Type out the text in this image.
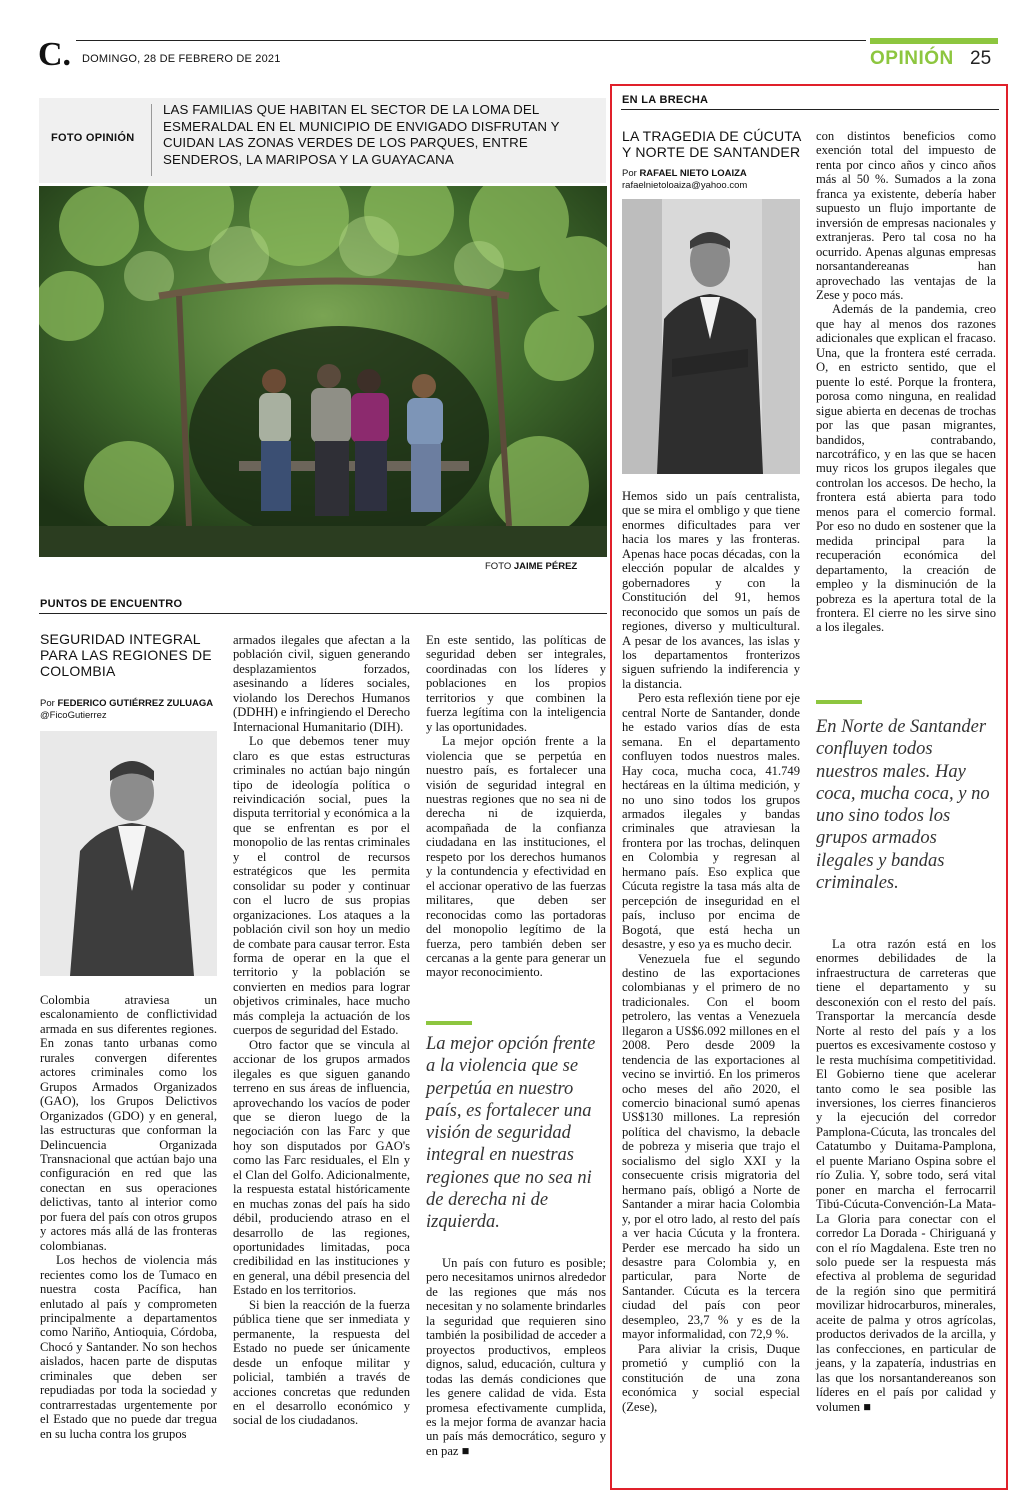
C. DOMINGO, 28 DE FEBRERO DE 2021	OPINIÓN 25
FOTO OPINIÓN
LAS FAMILIAS QUE HABITAN EL SECTOR DE LA LOMA DEL ESMERALDAL EN EL MUNICIPIO DE ENVIGADO DISFRUTAN Y CUIDAN LAS ZONAS VERDES DE LOS PARQUES, ENTRE SENDEROS, LA MARIPOSA Y LA GUAYACANA
FOTO JAIME PÉREZ
PUNTOS DE ENCUENTRO
SEGURIDAD INTEGRAL PARA LAS REGIONES DE COLOMBIA
Por FEDERICO GUTIÉRREZ ZULUAGA
@FicoGutierrez

Colombia atraviesa un escalonamiento de conflictividad armada en sus diferentes regiones. En zonas tanto urbanas como rurales convergen diferentes actores criminales como los Grupos Armados Organizados (GAO), los Grupos Delictivos Organizados (GDO) y en general, las estructuras que conforman la Delincuencia Organizada Transnacional que actúan bajo una configuración en red que las conectan en sus operaciones delictivas, tanto al interior como por fuera del país con otros grupos y actores más allá de las fronteras colombianas.

Los hechos de violencia más recientes como los de Tumaco en nuestra costa Pacífica, han enlutado al país y comprometen principalmente a departamentos como Nariño, Antioquia, Córdoba, Chocó y Santander. No son hechos aislados, hacen parte de disputas criminales que deben ser repudiadas por toda la sociedad y contrarrestadas urgentemente por el Estado que no puede dar tregua en su lucha contra los grupos

armados ilegales que afectan a la población civil, siguen generando desplazamientos forzados, asesinando a líderes sociales, violando los Derechos Humanos (DDHH) e infringiendo el Derecho Internacional Humanitario (DIH).

Lo que debemos tener muy claro es que estas estructuras criminales no actúan bajo ningún tipo de ideología política o reivindicación social, pues la disputa territorial y económica a la que se enfrentan es por el monopolio de las rentas criminales y el control de recursos estratégicos que les permita consolidar su poder y continuar con el lucro de sus propias organizaciones. Los ataques a la población civil son hoy un medio de combate para causar terror. Esta forma de operar en la que el territorio y la población se convierten en medios para lograr objetivos criminales, hace mucho más compleja la actuación de los cuerpos de seguridad del Estado.

Otro factor que se vincula al accionar de los grupos armados ilegales es que siguen ganando terreno en sus áreas de influencia, aprovechando los vacíos de poder que se dieron luego de la negociación con las Farc y que hoy son disputados por GAO's como las Farc residuales, el Eln y el Clan del Golfo. Adicionalmente, la respuesta estatal históricamente en muchas zonas del país ha sido débil, produciendo atraso en el desarrollo de las regiones, oportunidades limitadas, poca credibilidad en las instituciones y en general, una débil presencia del Estado en los territorios.

Si bien la reacción de la fuerza pública tiene que ser inmediata y permanente, la respuesta del Estado no puede ser únicamente desde un enfoque militar y policial, también a través de acciones concretas que redunden en el desarrollo económico y social de los ciudadanos.

En este sentido, las políticas de seguridad deben ser integrales, coordinadas con los líderes y poblaciones en los propios territorios y que combinen la fuerza legítima con la inteligencia y las oportunidades.

La mejor opción frente a la violencia que se perpetúa en nuestro país, es fortalecer una visión de seguridad integral en nuestras regiones que no sea ni de derecha ni de izquierda, acompañada de la confianza ciudadana en las instituciones, el respeto por los derechos humanos y la contundencia y efectividad en el accionar operativo de las fuerzas militares, que deben ser reconocidas como las portadoras del monopolio legítimo de la fuerza, pero también deben ser cercanas a la gente para generar un mayor reconocimiento.

La mejor opción frente a la violencia que se perpetúa en nuestro país, es fortalecer una visión de seguridad integral en nuestras regiones que no sea ni de derecha ni de izquierda.

Un país con futuro es posible; pero necesitamos unirnos alrededor de las regiones que más nos necesitan y no solamente brindarles la seguridad que requieren sino también la posibilidad de acceder a proyectos productivos, empleos dignos, salud, educación, cultura y todas las demás condiciones que les genere calidad de vida. Esta promesa efectivamente cumplida, es la mejor forma de avanzar hacia un país más democrático, seguro y en paz ■

EN LA BRECHA
LA TRAGEDIA DE CÚCUTA Y NORTE DE SANTANDER
Por RAFAEL NIETO LOAIZA
rafaelnietoloaiza@yahoo.com

Hemos sido un país centralista, que se mira el ombligo y que tiene enormes dificultades para ver hacia los mares y las fronteras. Apenas hace pocas décadas, con la elección popular de alcaldes y gobernadores y con la Constitución del 91, hemos reconocido que somos un país de regiones, diverso y multicultural. A pesar de los avances, las islas y los departamentos fronterizos siguen sufriendo la indiferencia y la distancia.

Pero esta reflexión tiene por eje central Norte de Santander, donde he estado varios días de esta semana. En el departamento confluyen todos nuestros males. Hay coca, mucha coca, 41.749 hectáreas en la última medición, y no uno sino todos los grupos armados ilegales y bandas criminales que atraviesan la frontera por las trochas, delinquen en Colombia y regresan al hermano país. Eso explica que Cúcuta registre la tasa más alta de percepción de inseguridad en el país, incluso por encima de Bogotá, que está hecha un desastre, y eso ya es mucho decir.

Venezuela fue el segundo destino de las exportaciones colombianas y el primero de no tradicionales. Con el boom petrolero, las ventas a Venezuela llegaron a US$6.092 millones en el 2008. Pero desde 2009 la tendencia de las exportaciones al vecino se invirtió. En los primeros ocho meses del año 2020, el comercio binacional sumó apenas US$130 millones. La represión política del chavismo, la debacle de pobreza y miseria que trajo el socialismo del siglo XXI y la consecuente crisis migratoria del hermano país, obligó a Norte de Santander a mirar hacia Colombia y, por el otro lado, al resto del país a ver hacia Cúcuta y la frontera. Perder ese mercado ha sido un desastre para Colombia y, en particular, para Norte de Santander. Cúcuta es la tercera ciudad del país con peor desempleo, 23,7 % y es de la mayor informalidad, con 72,9 %.

Para aliviar la crisis, Duque prometió y cumplió con la constitución de una zona económica y social especial (Zese),

con distintos beneficios como exención total del impuesto de renta por cinco años y cinco años más al 50 %. Sumados a la zona franca ya existente, debería haber supuesto un flujo importante de inversión de empresas nacionales y extranjeras. Pero tal cosa no ha ocurrido. Apenas algunas empresas norsantandereanas han aprovechado las ventajas de la Zese y poco más.

Además de la pandemia, creo que hay al menos dos razones adicionales que explican el fracaso. Una, que la frontera esté cerrada. O, en estricto sentido, que el puente lo esté. Porque la frontera, porosa como ninguna, en realidad sigue abierta en decenas de trochas por las que pasan migrantes, bandidos, contrabando, narcotráfico, y en las que se hacen muy ricos los grupos ilegales que controlan los accesos. De hecho, la frontera está abierta para todo menos para el comercio formal. Por eso no dudo en sostener que la medida principal para la recuperación económica del departamento, la creación de empleo y la disminución de la pobreza es la apertura total de la frontera. El cierre no les sirve sino a los ilegales.

En Norte de Santander confluyen todos nuestros males. Hay coca, mucha coca, y no uno sino todos los grupos armados ilegales y bandas criminales.

La otra razón está en los enormes debilidades de la infraestructura de carreteras que tiene el departamento y su desconexión con el resto del país. Transportar la mercancía desde Norte al resto del país y a los puertos es excesivamente costoso y le resta muchísima competitividad. El Gobierno tiene que acelerar tanto como le sea posible las inversiones, los cierres financieros y la ejecución del corredor Pamplona-Cúcuta, las troncales del Catatumbo y Duitama-Pamplona, el puente Mariano Ospina sobre el río Zulia. Y, sobre todo, será vital poner en marcha el ferrocarril Tibú-Cúcuta-Convención-La Mata-La Gloria para conectar con el corredor La Dorada - Chiriguaná y con el río Magdalena. Este tren no solo puede ser la respuesta más efectiva al problema de seguridad de la región sino que permitirá movilizar hidrocarburos, minerales, aceite de palma y otros agrícolas, productos derivados de la arcilla, y las confecciones, en particular de jeans, y la zapatería, industrias en las que los norsantandereanos son líderes en el país por calidad y volumen ■
